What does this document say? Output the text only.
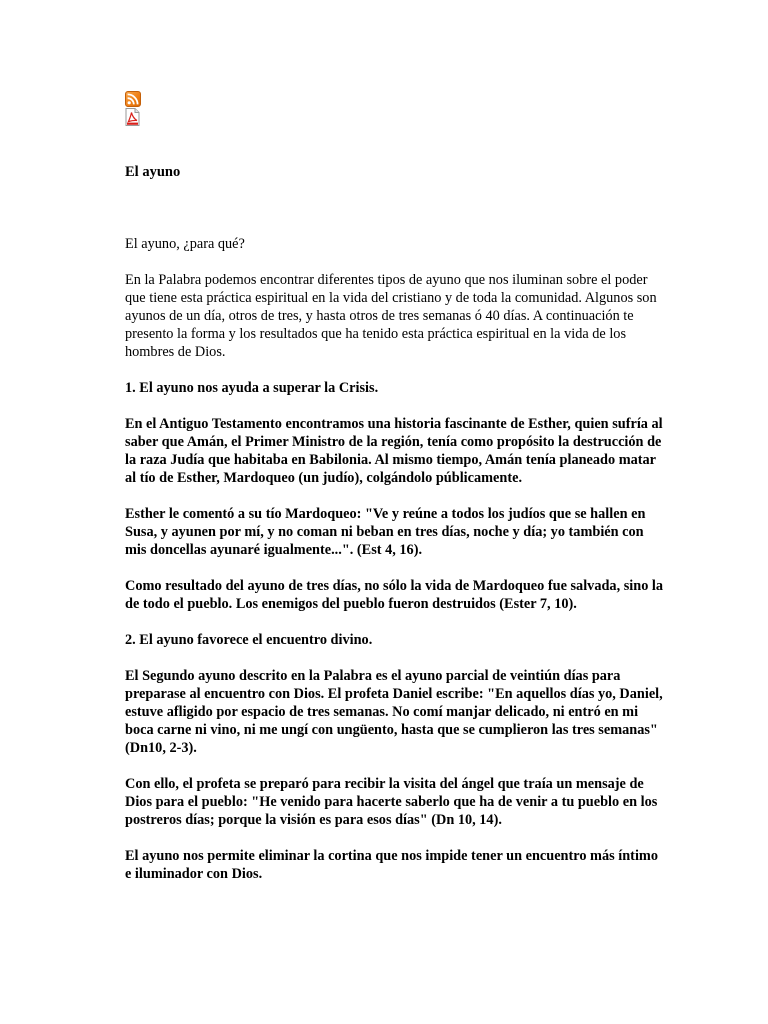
El ayuno

El ayuno, ¿para qué?

En la Palabra podemos encontrar diferentes tipos de ayuno que nos iluminan sobre el poder que tiene esta práctica espiritual en la vida del cristiano y de toda la comunidad. Algunos son ayunos de un día, otros de tres, y hasta otros de tres semanas ó 40 días. A continuación te presento la forma y los resultados que ha tenido esta práctica espiritual en la vida de los hombres de Dios.

1. El ayuno nos ayuda a superar la Crisis.

En el Antiguo Testamento encontramos una historia fascinante de Esther, quien sufría al saber que Amán, el Primer Ministro de la región, tenía como propósito la destrucción de la raza Judía que habitaba en Babilonia. Al mismo tiempo, Amán tenía planeado matar al tío de Esther, Mardoqueo (un judío), colgándolo públicamente.

Esther le comentó a su tío Mardoqueo: "Ve y reúne a todos los judíos que se hallen en Susa, y ayunen por mí, y no coman ni beban en tres días, noche y día; yo también con mis doncellas ayunaré igualmente...". (Est 4, 16).

Como resultado del ayuno de tres días, no sólo la vida de Mardoqueo fue salvada, sino la de todo el pueblo. Los enemigos del pueblo fueron destruidos (Ester 7, 10).

2. El ayuno favorece el encuentro divino.

El Segundo ayuno descrito en la Palabra es el ayuno parcial de veintiún días para preparase al encuentro con Dios. El profeta Daniel escribe: "En aquellos días yo, Daniel, estuve afligido por espacio de tres semanas. No comí manjar delicado, ni entró en mi boca carne ni vino, ni me ungí con ungüento, hasta que se cumplieron las tres semanas" (Dn10, 2-3).

Con ello, el profeta se preparó para recibir la visita del ángel que traía un mensaje de Dios para el pueblo: "He venido para hacerte saberlo que ha de venir a tu pueblo en los postreros días; porque la visión es para esos días" (Dn 10, 14).

El ayuno nos permite eliminar la cortina que nos impide tener un encuentro más íntimo e iluminador con Dios.
